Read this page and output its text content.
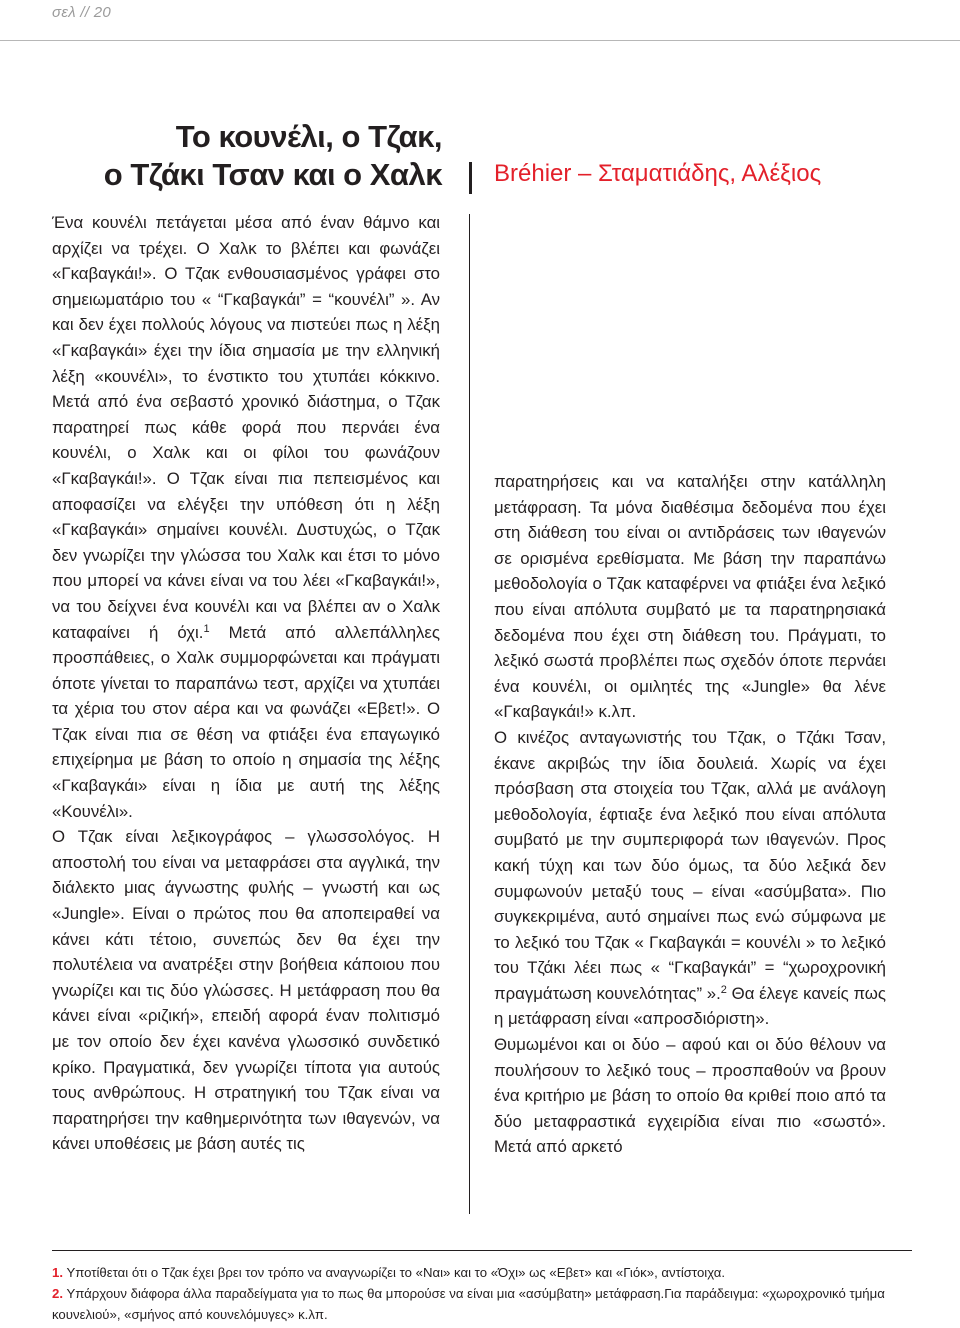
σελ // 20
Το κουνέλι, ο Τζακ,
ο Τζάκι Τσαν και ο Χαλκ Bréhier – Σταματιάδης, Αλέξιος

Ένα κουνέλι πετάγεται μέσα από έναν θάμνο και αρχίζει να τρέχει. Ο Χαλκ το βλέπει και φωνάζει «Γκαβαγκάι!». Ο Τζακ ενθουσιασμένος γράφει στο σημειωματάριο του « “Γκαβαγκάι” = “κουνέλι” ». Αν και δεν έχει πολλούς λόγους να πιστεύει πως η λέξη «Γκαβαγκάι» έχει την ίδια σημασία με την ελληνική λέξη «κουνέλι», το ένστικτο του χτυπάει κόκκινο. Μετά από ένα σεβαστό χρονικό διάστημα, ο Τζακ παρατηρεί πως κάθε φορά που περνάει ένα κουνέλι, ο Χαλκ και οι φίλοι του φωνάζουν «Γκαβαγκάι!». Ο Τζακ είναι πια πεπεισμένος και αποφασίζει να ελέγξει την υπόθεση ότι η λέξη «Γκαβαγκάι» σημαίνει κουνέλι. Δυστυχώς, ο Τζακ δεν γνωρίζει την γλώσσα του Χαλκ και έτσι το μόνο που μπορεί να κάνει είναι να του λέει «Γκαβαγκάι!», να του δείχνει ένα κουνέλι και να βλέπει αν ο Χαλκ καταφαίνει ή όχι.$^1$ Μετά από αλλεπάλληλες προσπάθειες, ο Χαλκ συμμορφώνεται και πράγματι όποτε γίνεται το παραπάνω τεστ, αρχίζει να χτυπάει τα χέρια του στον αέρα και να φωνάζει «Εβετ!». Ο Τζακ είναι πια σε θέση να φτιάξει ένα επαγωγικό επιχείρημα με βάση το οποίο η σημασία της λέξης «Γκαβαγκάι» είναι η ίδια με αυτή της λέξης «Κουνέλι».

Ο Τζακ είναι λεξικογράφος – γλωσσολόγος. Η αποστολή του είναι να μεταφράσει στα αγγλικά, την διάλεκτο μιας άγνωστης φυλής – γνωστή και ως «Jungle». Είναι ο πρώτος που θα αποπειραθεί να κάνει κάτι τέτοιο, συνεπώς δεν θα έχει την πολυτέλεια να ανατρέξει στην βοήθεια κάποιου που γνωρίζει και τις δύο γλώσσες. Η μετάφραση που θα κάνει είναι «ριζική», επειδή αφορά έναν πολιτισμό με τον οποίο δεν έχει κανένα γλωσσικό συνδετικό κρίκο. Πραγματικά, δεν γνωρίζει τίποτα για αυτούς τους ανθρώπους. Η στρατηγική του Τζακ είναι να παρατηρήσει την καθημερινότητα των ιθαγενών, να κάνει υποθέσεις με βάση αυτές τις

παρατηρήσεις και να καταλήξει στην κατάλληλη μετάφραση. Τα μόνα διαθέσιμα δεδομένα που έχει στη διάθεση του είναι οι αντιδράσεις των ιθαγενών σε ορισμένα ερεθίσματα. Με βάση την παραπάνω μεθοδολογία ο Τζακ καταφέρνει να φτιάξει ένα λεξικό που είναι απόλυτα συμβατό με τα παρατηρησιακά δεδομένα που έχει στη διάθεση του. Πράγματι, το λεξικό σωστά προβλέπει πως σχεδόν όποτε περνάει ένα κουνέλι, οι ομιλητές της «Jungle» θα λένε «Γκαβαγκάι!» κ.λπ.

Ο κινέζος ανταγωνιστής του Τζακ, ο Τζάκι Τσαν, έκανε ακριβώς την ίδια δουλειά. Χωρίς να έχει πρόσβαση στα στοιχεία του Τζακ, αλλά με ανάλογη μεθοδολογία, έφτιαξε ένα λεξικό που είναι απόλυτα συμβατό με την συμπεριφορά των ιθαγενών. Προς κακή τύχη και των δύο όμως, τα δύο λεξικά δεν συμφωνούν μεταξύ τους – είναι «ασύμβατα». Πιο συγκεκριμένα, αυτό σημαίνει πως ενώ σύμφωνα με το λεξικό του Τζακ « Γκαβαγκάι = κουνέλι » το λεξικό του Τζάκι λέει πως « “Γκαβαγκάι” = “χωροχρονική πραγμάτωση κουνελότητας” ».$^2$ Θα έλεγε κανείς πως η μετάφραση είναι «απροσδιόριστη».

Θυμωμένοι και οι δύο – αφού και οι δύο θέλουν να πουλήσουν το λεξικό τους – προσπαθούν να βρουν ένα κριτήριο με βάση το οποίο θα κριθεί ποιο από τα δύο μεταφραστικά εγχειρίδια είναι πιο «σωστό». Μετά από αρκετό

1. Υποτίθεται ότι ο Τζακ έχει βρει τον τρόπο να αναγνωρίζει το «Ναι» και το «Όχι» ως «Εβετ» και «Γιόκ», αντίστοιχα.

2. Υπάρχουν διάφορα άλλα παραδείγματα για το πως θα μπορούσε να είναι μια «ασύμβατη» μετάφραση.Για παράδειγμα: «χωροχρονικό τμήμα κουνελιού», «σμήνος από κουνελόμυγες» κ.λπ.
